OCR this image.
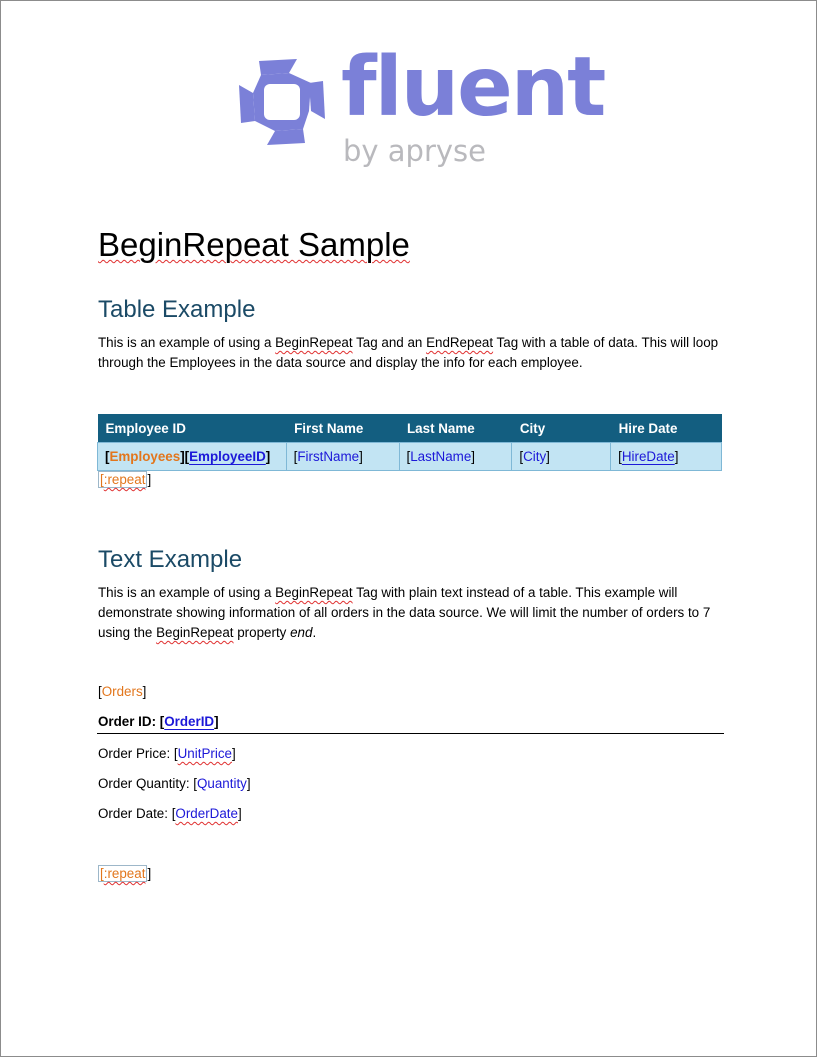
fluent
by apryse
BeginRepeat Sample
Table Example

This is an example of using a BeginRepeat Tag and an EndRepeat Tag with a table of data. This will loop through the Employees in the data source and display the info for each employee.

Employee ID	First Name	Last Name	City	Hire Date
[Employees][EmployeeID]	[FirstName]	[LastName]	[City]	[HireDate]
[:repeat ]
Text Example

This is an example of using a BeginRepeat Tag with plain text instead of a table. This example will demonstrate showing information of all orders in the data source. We will limit the number of orders to 7 using the BeginRepeat property end.

[Orders]

Order ID: [OrderID]

Order Price: [UnitPrice]

Order Quantity: [Quantity]

Order Date: [OrderDate]

[:repeat ]
